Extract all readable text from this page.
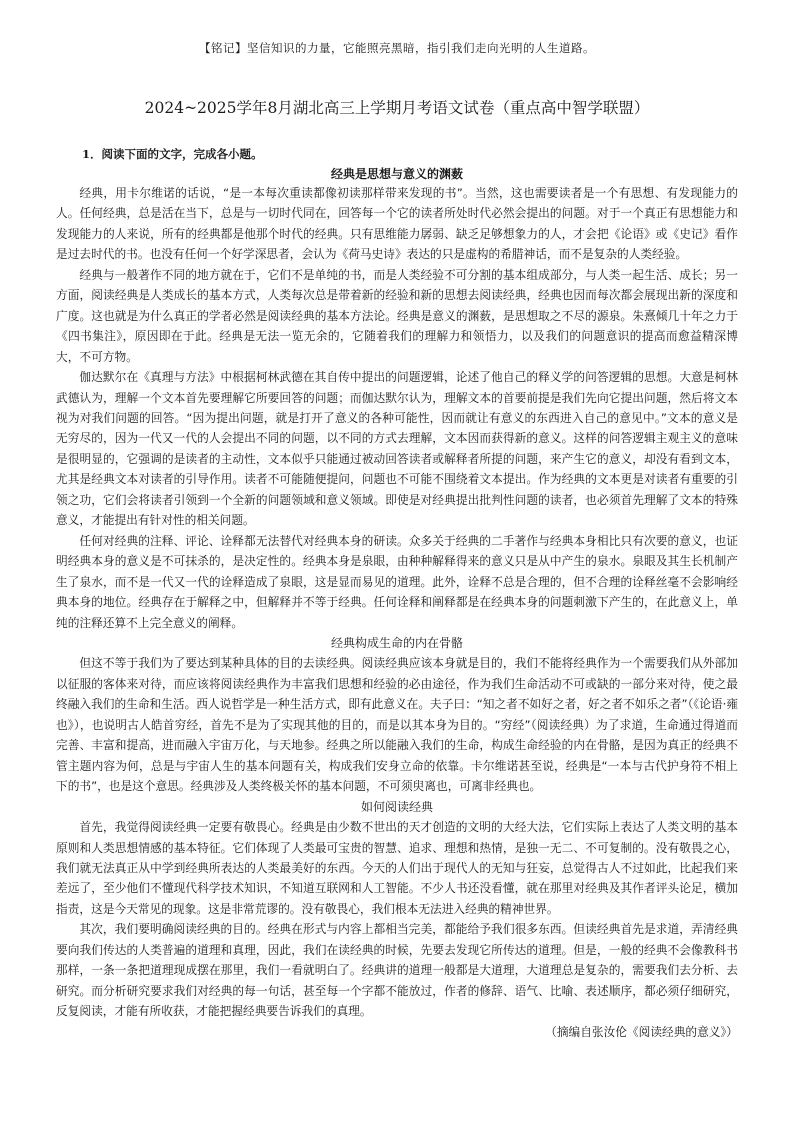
【铭记】坚信知识的力量，它能照亮黑暗，指引我们走向光明的人生道路。
2024~2025学年8月湖北高三上学期月考语文试卷（重点高中智学联盟）
1．阅读下面的文字，完成各小题。
经典是思想与意义的渊薮

经典，用卡尔维诺的话说，“是一本每次重读都像初读那样带来发现的书”。当然，这也需要读者是一个有思想、有发现能力的人。任何经典，总是活在当下，总是与一切时代同在，回答每一个它的读者所处时代必然会提出的问题。对于一个真正有思想能力和发现能力的人来说，所有的经典都是他那个时代的经典。只有思维能力孱弱、缺乏足够想象力的人，才会把《论语》或《史记》看作是过去时代的书。也没有任何一个好学深思者，会认为《荷马史诗》表达的只是虚构的希腊神话，而不是复杂的人类经验。

经典与一般著作不同的地方就在于，它们不是单纯的书，而是人类经验不可分割的基本组成部分，与人类一起生活、成长；另一方面，阅读经典是人类成长的基本方式，人类每次总是带着新的经验和新的思想去阅读经典，经典也因而每次都会展现出新的深度和广度。这也就是为什么真正的学者必然是阅读经典的基本方法论。经典是意义的渊薮，是思想取之不尽的源泉。朱熹倾几十年之力于《四书集注》，原因即在于此。经典是无法一览无余的，它随着我们的理解力和领悟力，以及我们的问题意识的提高而愈益精深博大，不可方物。

伽达默尔在《真理与方法》中根据柯林武德在其自传中提出的问题逻辑，论述了他自己的释义学的问答逻辑的思想。大意是柯林武德认为，理解一个文本首先要理解它所要回答的问题；而伽达默尔认为，理解文本的首要前提是我们先向它提出问题，然后将文本视为对我们问题的回答。“因为提出问题，就是打开了意义的各种可能性，因而就让有意义的东西进入自己的意见中。”文本的意义是无穷尽的，因为一代又一代的人会提出不同的问题，以不同的方式去理解，文本因而获得新的意义。这样的问答逻辑主观主义的意味是很明显的，它强调的是读者的主动性，文本似乎只能通过被动回答读者或解释者所提的问题，来产生它的意义，却没有看到文本，尤其是经典文本对读者的引导作用。读者不可能随便提问，问题也不可能不围绕着文本提出。作为经典的文本更是对读者有重要的引领之功，它们会将读者引领到一个全新的问题领域和意义领域。即使是对经典提出批判性问题的读者，也必须首先理解了文本的特殊意义，才能提出有针对性的相关问题。

任何对经典的注释、评论、诠释都无法替代对经典本身的研读。众多关于经典的二手著作与经典本身相比只有次要的意义，也证明经典本身的意义是不可抹杀的，是决定性的。经典本身是泉眼，由种种解释得来的意义只是从中产生的泉水。泉眼及其生长机制产生了泉水，而不是一代又一代的诠释造成了泉眼，这是显而易见的道理。此外，诠释不总是合理的，但不合理的诠释丝毫不会影响经典本身的地位。经典存在于解释之中，但解释并不等于经典。任何诠释和阐释都是在经典本身的问题刺激下产生的，在此意义上，单纯的注释还算不上完全意义的阐释。

经典构成生命的内在骨骼

但这不等于我们为了要达到某种具体的目的去读经典。阅读经典应该本身就是目的，我们不能将经典作为一个需要我们从外部加以征服的客体来对待，而应该将阅读经典作为丰富我们思想和经验的必由途径，作为我们生命活动不可或缺的一部分来对待，使之最终融入我们的生命和生活。西人说哲学是一种生活方式，即有此意义在。夫子曰：“知之者不如好之者，好之者不如乐之者”（《论语·雍也》），也说明古人皓首穷经，首先不是为了实现其他的目的，而是以其本身为目的。“穷经”（阅读经典）为了求道，生命通过得道而完善、丰富和提高，进而融入宇宙万化，与天地参。经典之所以能融入我们的生命，构成生命经验的内在骨骼，是因为真正的经典不管主题内容为何，总是与宇宙人生的基本问题有关，构成我们安身立命的依靠。卡尔维诺甚至说，经典是“一本与古代护身符不相上下的书”，也是这个意思。经典涉及人类终极关怀的基本问题，不可须臾离也，可离非经典也。

如何阅读经典

首先，我觉得阅读经典一定要有敬畏心。经典是由少数不世出的天才创造的文明的大经大法，它们实际上表达了人类文明的基本原则和人类思想情感的基本特征。它们体现了人类最可宝贵的智慧、追求、理想和热情，是独一无二、不可复制的。没有敬畏之心，我们就无法真正从中学到经典所表达的人类最美好的东西。今天的人们出于现代人的无知与狂妄，总觉得古人不过如此，比起我们来差远了，至少他们不懂现代科学技术知识，不知道互联网和人工智能。不少人书还没看懂，就在那里对经典及其作者评头论足，横加指责，这是今天常见的现象。这是非常荒谬的。没有敬畏心，我们根本无法进入经典的精神世界。

其次，我们要明确阅读经典的目的。经典在形式与内容上都相当完美，都能给予我们很多东西。但读经典首先是求道，弄清经典要向我们传达的人类普遍的道理和真理，因此，我们在读经典的时候，先要去发现它所传达的道理。但是，一般的经典不会像教科书那样，一条一条把道理现成摆在那里，我们一看就明白了。经典讲的道理一般都是大道理，大道理总是复杂的，需要我们去分析、去研究。而分析研究要求我们对经典的每一句话，甚至每一个字都不能放过，作者的修辞、语气、比喻、表述顺序，都必须仔细研究，反复阅读，才能有所收获，才能把握经典要告诉我们的真理。

（摘编自张汝伦《阅读经典的意义》）
